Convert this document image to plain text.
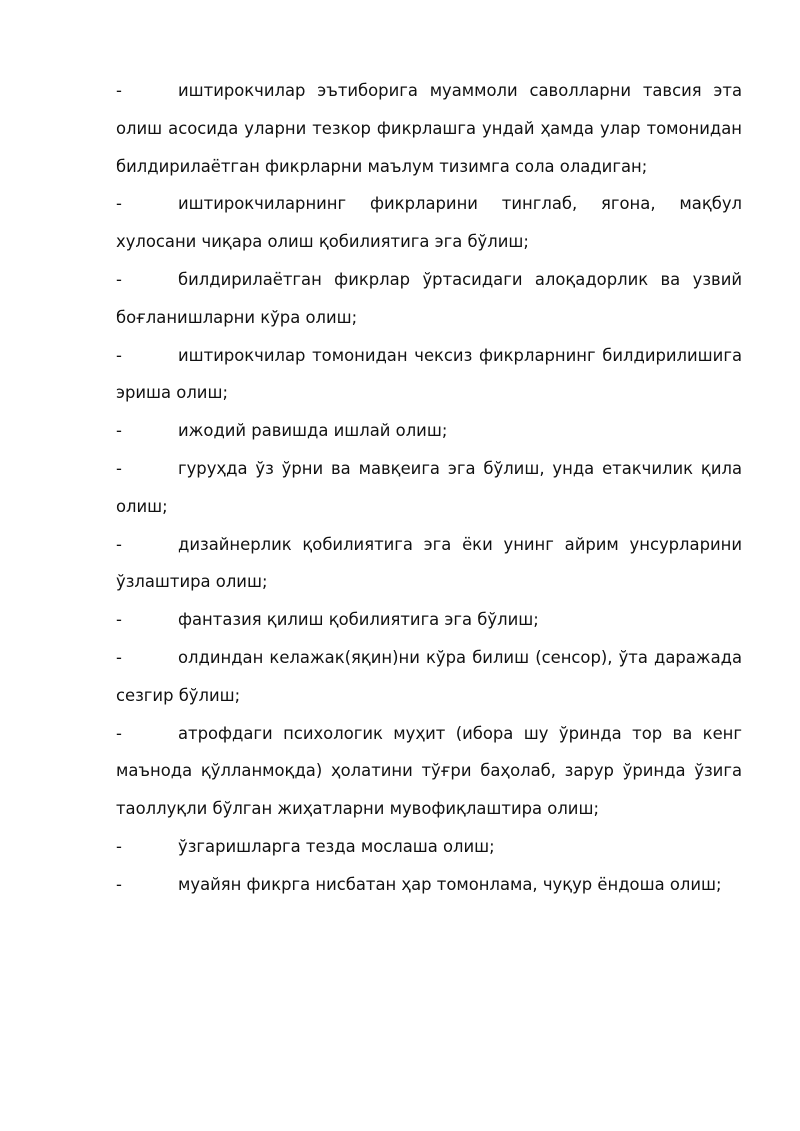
-	иштирокчилар эътиборига муаммоли саволларни тавсия этa олиш асосида уларни тезкор фикрлашга ундай ҳамда улар томонидан билдирилаётган фикрларни маълум тизимга сола оладиган;

-	иштирокчиларнинг фикрларини тинглаб, ягона, мақбул хулосани чиқара олиш қобилиятига эга бўлиш;

-	билдирилаётган фикрлар ўртасидаги алоқадорлик ва узвий боғланишларни кўра олиш;

-	иштирокчилар томонидан чексиз фикрларнинг билдирилишига эриша олиш;

-	ижодий равишда ишлай олиш;

-	гуруҳда ўз ўрни ва мавқеига эга бўлиш, унда етакчилик қила олиш;

-	дизайнерлик қобилиятига эга ёки унинг айрим унсурларини ўзлаштира олиш;

-	фантазия қилиш қобилиятига эга бўлиш;

-	олдиндан келажак(яқин)ни кўра билиш (сенсор), ўта даражада сезгир бўлиш;

-	атрофдаги психологик муҳит (ибора шу ўринда тор ва кенг маънода қўлланмоқда) ҳолатини тўғри баҳолаб, зарур ўринда ўзига таоллуқли бўлган жиҳатларни мувофиқлаштира олиш;

-	ўзгаришларга тезда мослаша олиш;

-	муайян фикрга нисбатан ҳар томонлама, чуқур ёндоша олиш;
